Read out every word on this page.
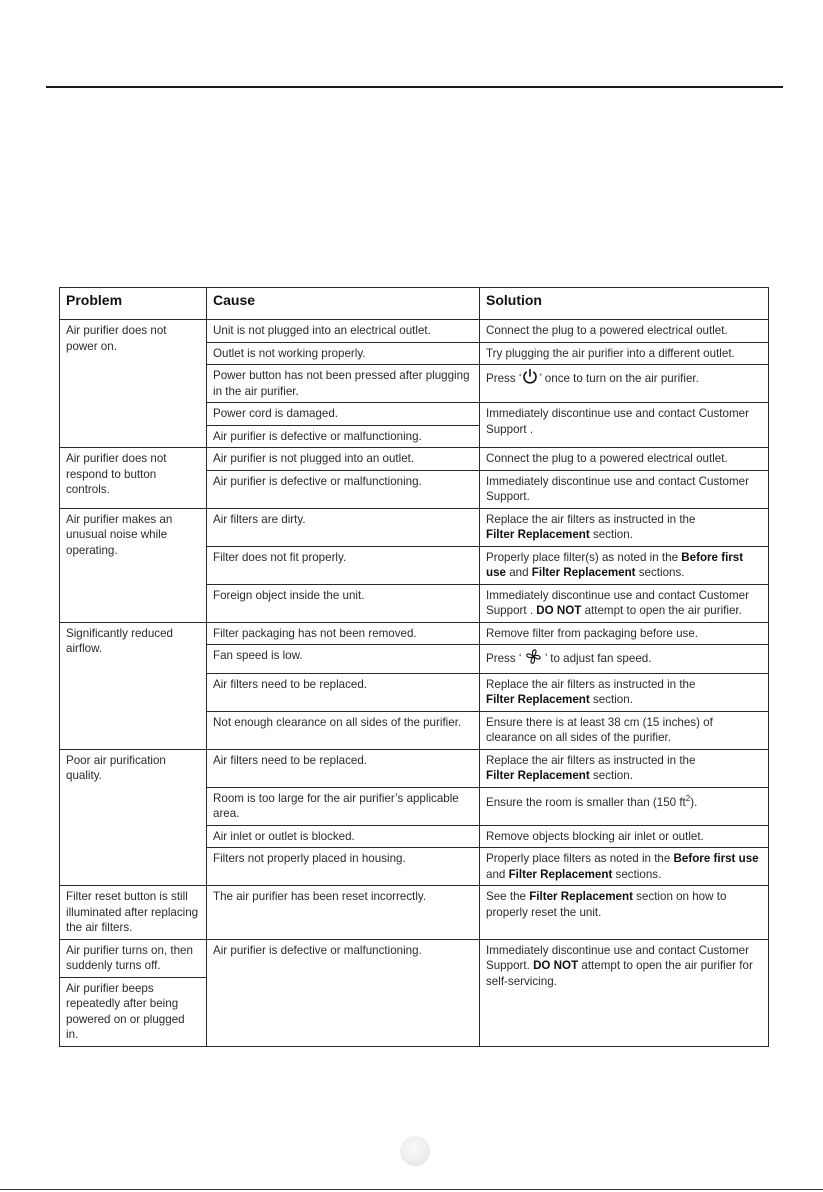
Problem	Cause	Solution
Air purifier does not power on.	Unit is not plugged into an electrical outlet.	Connect the plug to a powered electrical outlet.
	Outlet is not working properly.	Try plugging the air purifier into a different outlet.
	Power button has not been pressed after plugging in the air purifier.	Press ‘ ’ once to turn on the air purifier.
	Power cord is damaged.	Immediately discontinue use and contact Customer Support .
	Air purifier is defective or malfunctioning.	
Air purifier does not respond to button controls.	Air purifier is not plugged into an outlet.	Connect the plug to a powered electrical outlet.
	Air purifier is defective or malfunctioning.	Immediately discontinue use and contact Customer Support.
Air purifier makes an unusual noise while operating.	Air filters are dirty.	Replace the air filters as instructed in the
Filter Replacement section.
	Filter does not fit properly.	Properly place filter(s) as noted in the Before first use and Filter Replacement sections.
	Foreign object inside the unit.	Immediately discontinue use and contact Customer Support . DO NOT attempt to open the air purifier.
Significantly reduced airflow.	Filter packaging has not been removed.	Remove filter from packaging before use.
	Fan speed is low.	Press ‘  ’ to adjust fan speed.
	Air filters need to be replaced.	Replace the air filters as instructed in the
Filter Replacement section.
	Not enough clearance on all sides of the purifier.	Ensure there is at least 38 cm (15 inches) of clearance on all sides of the purifier.
Poor air purification quality.	Air filters need to be replaced.	Replace the air filters as instructed in the
Filter Replacement section.
	Room is too large for the air purifier’s applicable area.	Ensure the room is smaller than (150 $ft^2$).
	Air inlet or outlet is blocked.	Remove objects blocking air inlet or outlet.
	Filters not properly placed in housing.	Properly place filters as noted in the Before first use and Filter Replacement sections.
Filter reset button is still illuminated after replacing the air filters.	The air purifier has been reset incorrectly.	See the Filter Replacement section on how to properly reset the unit.
Air purifier turns on, then suddenly turns off.	Air purifier is defective or malfunctioning.	Immediately discontinue use and contact Customer Support. DO NOT attempt to open the air purifier for self-servicing.
Air purifier beeps repeatedly after being powered on or plugged in.		
